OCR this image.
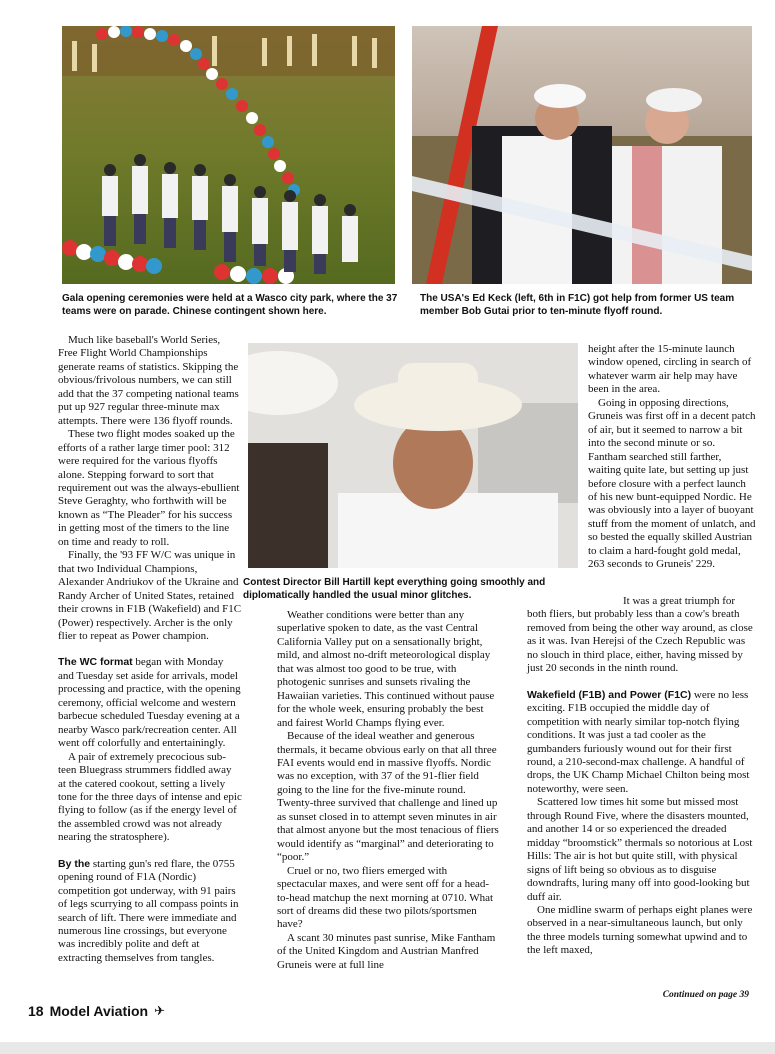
Gala opening ceremonies were held at a Wasco city park, where the 37 teams were on parade. Chinese contingent shown here.
The USA's Ed Keck (left, 6th in F1C) got help from former US team member Bob Gutai prior to ten-minute flyoff round.
Contest Director Bill Hartill kept everything going smoothly and diplomatically handled the usual minor glitches.

Much like baseball's World Series, Free Flight World Championships generate reams of statistics. Skipping the obvious/frivolous numbers, we can still add that the 37 competing national teams put up 927 regular three-minute max attempts. There were 136 flyoff rounds.

These two flight modes soaked up the efforts of a rather large timer pool: 312 were required for the various flyoffs alone. Stepping forward to sort that requirement out was the always-ebullient Steve Geraghty, who forthwith will be known as “The Pleader” for his success in getting most of the timers to the line on time and ready to roll.

Finally, the '93 FF W/C was unique in that two Individual Champions, Alexander Andriukov of the Ukraine and Randy Archer of United States, retained their crowns in F1B (Wakefield) and F1C (Power) respectively. Archer is the only flier to repeat as Power champion.

The WC format began with Monday and Tuesday set aside for arrivals, model processing and practice, with the opening ceremony, official welcome and western barbecue scheduled Tuesday evening at a nearby Wasco park/recreation center. All went off colorfully and entertainingly.

A pair of extremely precocious sub-teen Bluegrass strummers fiddled away at the catered cookout, setting a lively tone for the three days of intense and epic flying to follow (as if the energy level of the assembled crowd was not already nearing the stratosphere).

By the starting gun's red flare, the 0755 opening round of F1A (Nordic) competition got underway, with 91 pairs of legs scurrying to all compass points in search of lift. There were immediate and numerous line crossings, but everyone was incredibly polite and deft at extracting themselves from tangles.

Weather conditions were better than any superlative spoken to date, as the vast Central California Valley put on a sensationally bright, mild, and almost no-drift meteorological display that was almost too good to be true, with photogenic sunrises and sunsets rivaling the Hawaiian varieties. This continued without pause for the whole week, ensuring probably the best and fairest World Champs flying ever.

Because of the ideal weather and generous thermals, it became obvious early on that all three FAI events would end in massive flyoffs. Nordic was no exception, with 37 of the 91-flier field going to the line for the five-minute round. Twenty-three survived that challenge and lined up as sunset closed in to attempt seven minutes in air that almost anyone but the most tenacious of fliers would identify as “marginal” and deteriorating to “poor.”

Cruel or no, two fliers emerged with spectacular maxes, and were sent off for a head-to-head matchup the next morning at 0710. What sort of dreams did these two pilots/sportsmen have?

A scant 30 minutes past sunrise, Mike Fantham of the United Kingdom and Austrian Manfred Gruneis were at full line

height after the 15-minute launch window opened, circling in search of whatever warm air help may have been in the area.

Going in opposing directions, Gruneis was first off in a decent patch of air, but it seemed to narrow a bit into the second minute or so. Fantham searched still farther, waiting quite late, but setting up just before closure with a perfect launch of his new bunt-equipped Nordic. He was obviously into a layer of buoyant stuff from the moment of unlatch, and so bested the equally skilled Austrian to claim a hard-fought gold medal, 263 seconds to Gruneis' 229.

It was a great triumph for both fliers, but probably less than a cow's breath removed from being the other way around, as close as it was. Ivan Herejsi of the Czech Republic was no slouch in third place, either, having missed by just 20 seconds in the ninth round.

Wakefield (F1B) and Power (F1C) were no less exciting. F1B occupied the middle day of competition with nearly similar top-notch flying conditions. It was just a tad cooler as the gumbanders furiously wound out for their first round, a 210-second-max challenge. A handful of drops, the UK Champ Michael Chilton being most noteworthy, were seen.

Scattered low times hit some but missed most through Round Five, where the disasters mounted, and another 14 or so experienced the dreaded midday “broomstick” thermals so notorious at Lost Hills: The air is hot but quite still, with physical signs of lift being so obvious as to disguise downdrafts, luring many off into good-looking but duff air.

One midline swarm of perhaps eight planes were observed in a near-simultaneous launch, but only the three models turning somewhat upwind and to the left maxed,

Continued on page 39
18 Model Aviation ✈
